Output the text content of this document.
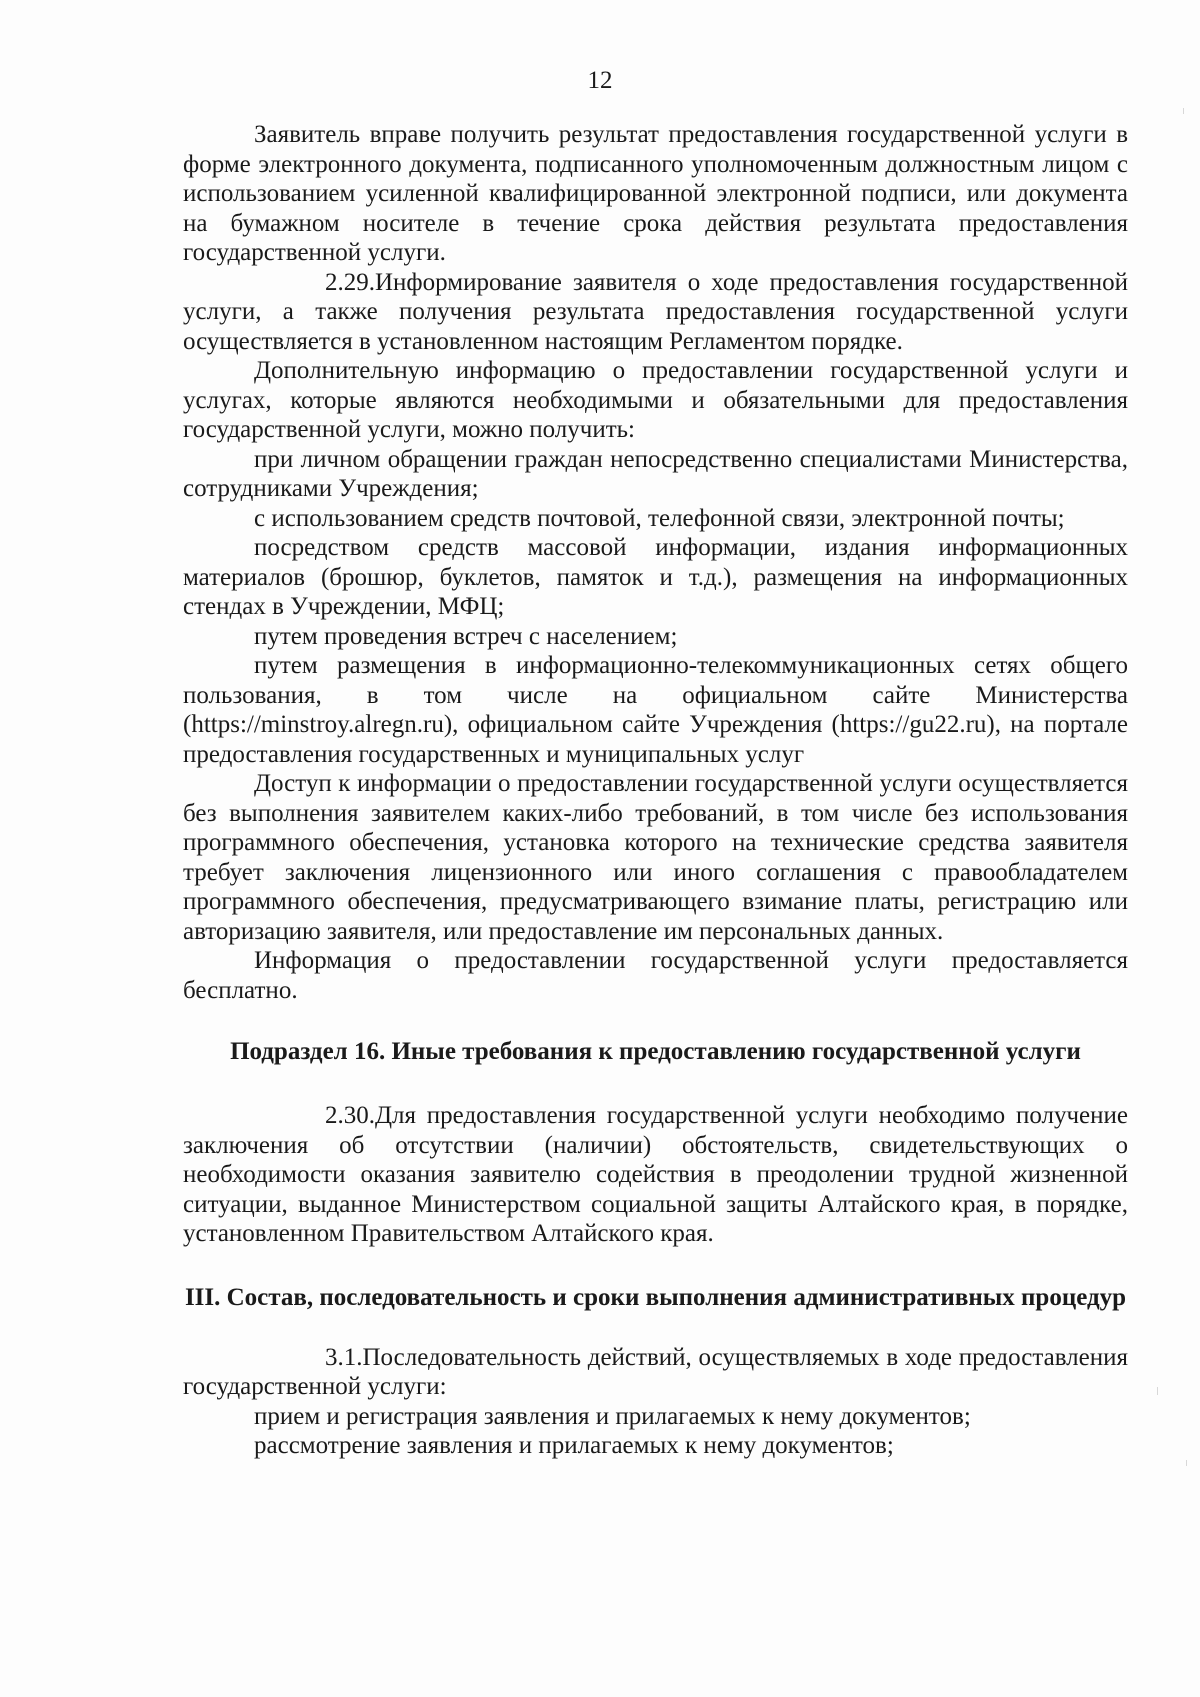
12

Заявитель вправе получить результат предоставления государственной услуги в форме электронного документа, подписанного уполномоченным должностным лицом с использованием усиленной квалифицированной электронной подписи, или документа на бумажном носителе в течение срока действия результата предоставления государственной услуги.

2.29.Информирование заявителя о ходе предоставления государственной услуги, а также получения результата предоставления государственной услуги осуществляется в установленном настоящим Регламентом порядке.

Дополнительную информацию о предоставлении государственной услуги и услугах, которые являются необходимыми и обязательными для предоставления государственной услуги, можно получить:

при личном обращении граждан непосредственно специалистами Министерства, сотрудниками Учреждения;

с использованием средств почтовой, телефонной связи, электронной почты;

посредством средств массовой информации, издания информационных материалов (брошюр, буклетов, памяток и т.д.), размещения на информационных стендах в Учреждении, МФЦ;

путем проведения встреч с населением;

путем размещения в информационно-телекоммуникационных сетях общего пользования, в том числе на официальном сайте Министерства (https://minstroy.alregn.ru), официальном сайте Учреждения (https://gu22.ru), на портале предоставления государственных и муниципальных услуг

Доступ к информации о предоставлении государственной услуги осуществляется без выполнения заявителем каких-либо требований, в том числе без использования программного обеспечения, установка которого на технические средства заявителя требует заключения лицензионного или иного соглашения с правообладателем программного обеспечения, предусматривающего взимание платы, регистрацию или авторизацию заявителя, или предоставление им персональных данных.

Информация о предоставлении государственной услуги предоставляется бесплатно.

Подраздел 16. Иные требования к предоставлению государственной услуги

2.30.Для предоставления государственной услуги необходимо получение заключения об отсутствии (наличии) обстоятельств, свидетельствующих о необходимости оказания заявителю содействия в преодолении трудной жизненной ситуации, выданное Министерством социальной защиты Алтайского края, в порядке, установленном Правительством Алтайского края.

III. Состав, последовательность и сроки выполнения административных процедур

3.1.Последовательность действий, осуществляемых в ходе предоставления государственной услуги:

прием и регистрация заявления и прилагаемых к нему документов;

рассмотрение заявления и прилагаемых к нему документов;
